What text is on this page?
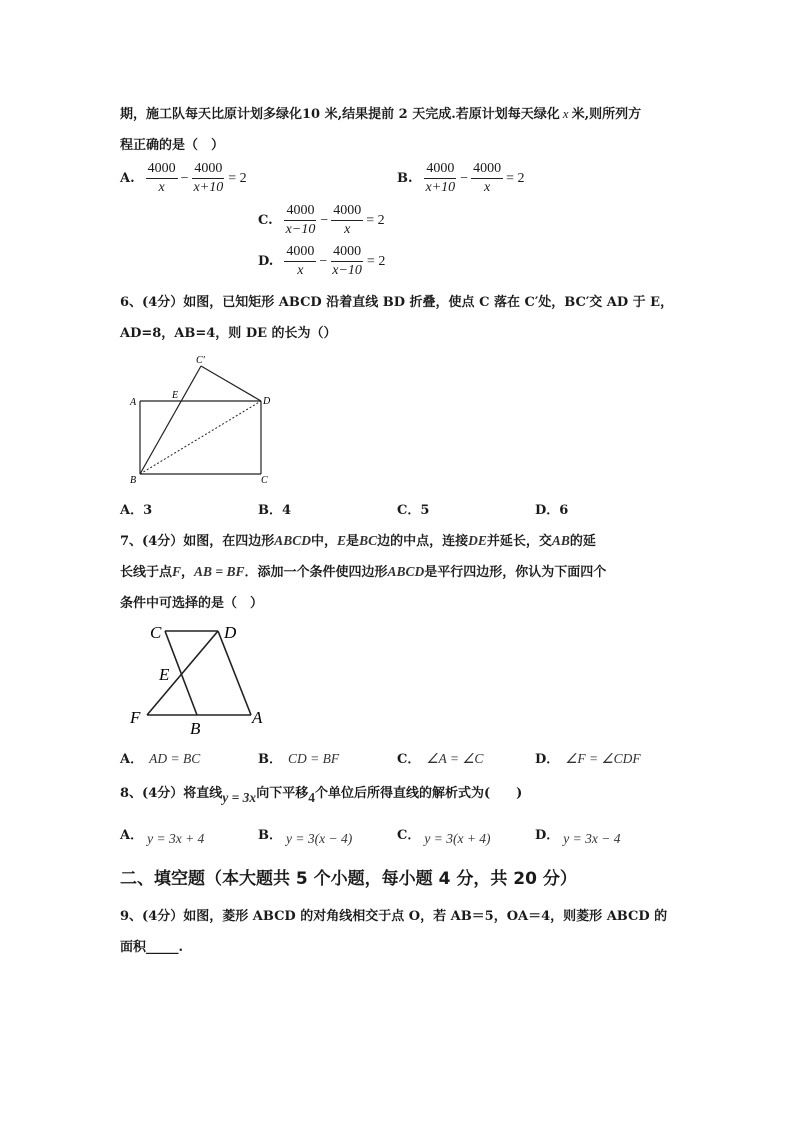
期，施工队每天比原计划多绿化10 米,结果提前 2 天完成.若原计划每天绿化 x 米,则所列方
程正确的是（　）
A. $\frac{4000}{x} - \frac{4000}{x+10} = 2$	B. $\frac{4000}{x+10} - \frac{4000}{x} = 2$
C. $\frac{4000}{x-10} - \frac{4000}{x} = 2$
D. $\frac{4000}{x} - \frac{4000}{x-10} = 2$
6、(4分）如图，已知矩形 ABCD 沿着直线 BD 折叠，使点 C 落在 C′处，BC′交 AD 于 E，
AD=8，AB=4，则 DE 的长为（）
C′
A
E
D
B	C
A．3	B．4	C．5	D．6
7、(4分）如图，在四边形ABCD中，E是BC边的中点，连接DE并延长，交AB的延
长线于点F，AB = BF．添加一个条件使四边形ABCD是平行四边形，你认为下面四个
条件中可选择的是（　）
C	D
E
F
B
A
A． AD = BC	B． CD = BF	C． ∠A = ∠C	D． ∠F = ∠CDF
8、(4分）将直线y = 3x向下平移4个单位后所得直线的解析式为(　　)
A． y = 3x + 4	B． y = 3(x − 4)	C． y = 3(x + 4)	D． y = 3x − 4
二、填空题（本大题共 5 个小题，每小题 4 分，共 20 分）
9、(4分）如图，菱形 ABCD 的对角线相交于点 O，若 AB＝5，OA＝4，则菱形 ABCD 的
面积_____.
